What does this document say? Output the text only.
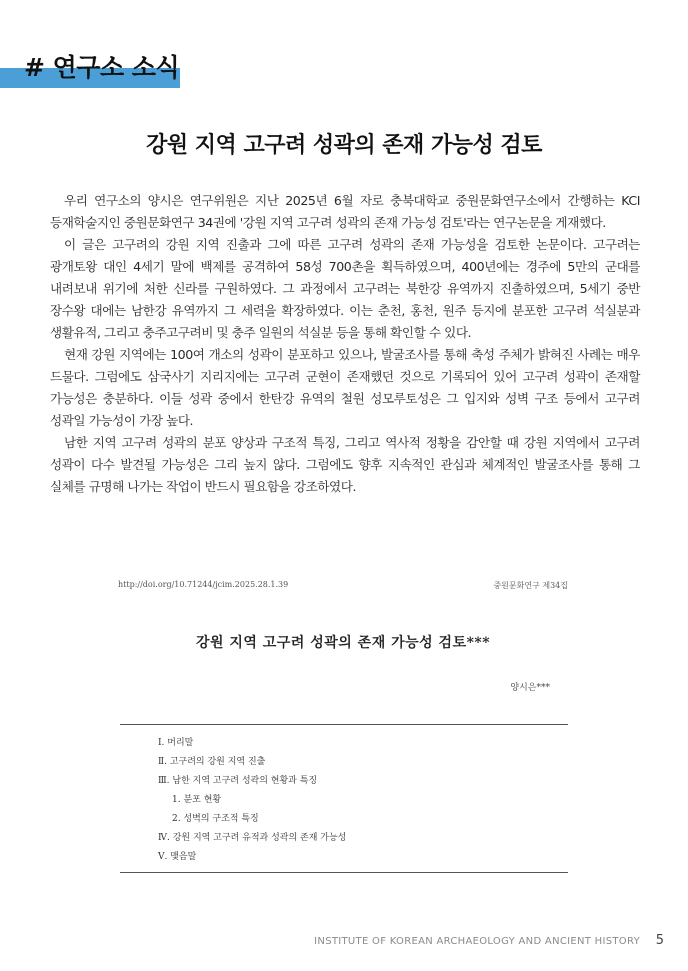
# 연구소 소식
강원 지역 고구려 성곽의 존재 가능성 검토

우리 연구소의 양시은 연구위원은 지난 2025년 6월 자로 충북대학교 중원문화연구소에서 간행하는 KCI 등재학술지인 중원문화연구 34권에 '강원 지역 고구려 성곽의 존재 가능성 검토'라는 연구논문을 게재했다.

이 글은 고구려의 강원 지역 진출과 그에 따른 고구려 성곽의 존재 가능성을 검토한 논문이다. 고구려는 광개토왕 대인 4세기 말에 백제를 공격하여 58성 700촌을 획득하였으며, 400년에는 경주에 5만의 군대를 내려보내 위기에 처한 신라를 구원하였다. 그 과정에서 고구려는 북한강 유역까지 진출하였으며, 5세기 중반 장수왕 대에는 남한강 유역까지 그 세력을 확장하였다. 이는 춘천, 홍천, 원주 등지에 분포한 고구려 석실분과 생활유적, 그리고 충주고구려비 및 충주 일원의 석실분 등을 통해 확인할 수 있다.

현재 강원 지역에는 100여 개소의 성곽이 분포하고 있으나, 발굴조사를 통해 축성 주체가 밝혀진 사례는 매우 드물다. 그럼에도 삼국사기 지리지에는 고구려 군현이 존재했던 것으로 기록되어 있어 고구려 성곽이 존재할 가능성은 충분하다. 이들 성곽 중에서 한탄강 유역의 철원 성모루토성은 그 입지와 성벽 구조 등에서 고구려 성곽일 가능성이 가장 높다.

남한 지역 고구려 성곽의 분포 양상과 구조적 특징, 그리고 역사적 정황을 감안할 때 강원 지역에서 고구려 성곽이 다수 발견될 가능성은 그리 높지 않다. 그럼에도 향후 지속적인 관심과 체계적인 발굴조사를 통해 그 실체를 규명해 나가는 작업이 반드시 필요함을 강조하였다.

http://doi.org/10.71244/jcim.2025.28.1.39	중원문화연구 제34집
강원 지역 고구려 성곽의 존재 가능성 검토***
양시은***
Ⅰ. 머리말
Ⅱ. 고구려의 강원 지역 진출
Ⅲ. 남한 지역 고구려 성곽의 현황과 특징
1. 분포 현황
2. 성벽의 구조적 특징
Ⅳ. 강원 지역 고구려 유적과 성곽의 존재 가능성
Ⅴ. 맺음말
INSTITUTE OF KOREAN ARCHAEOLOGY AND ANCIENT HISTORY 5
